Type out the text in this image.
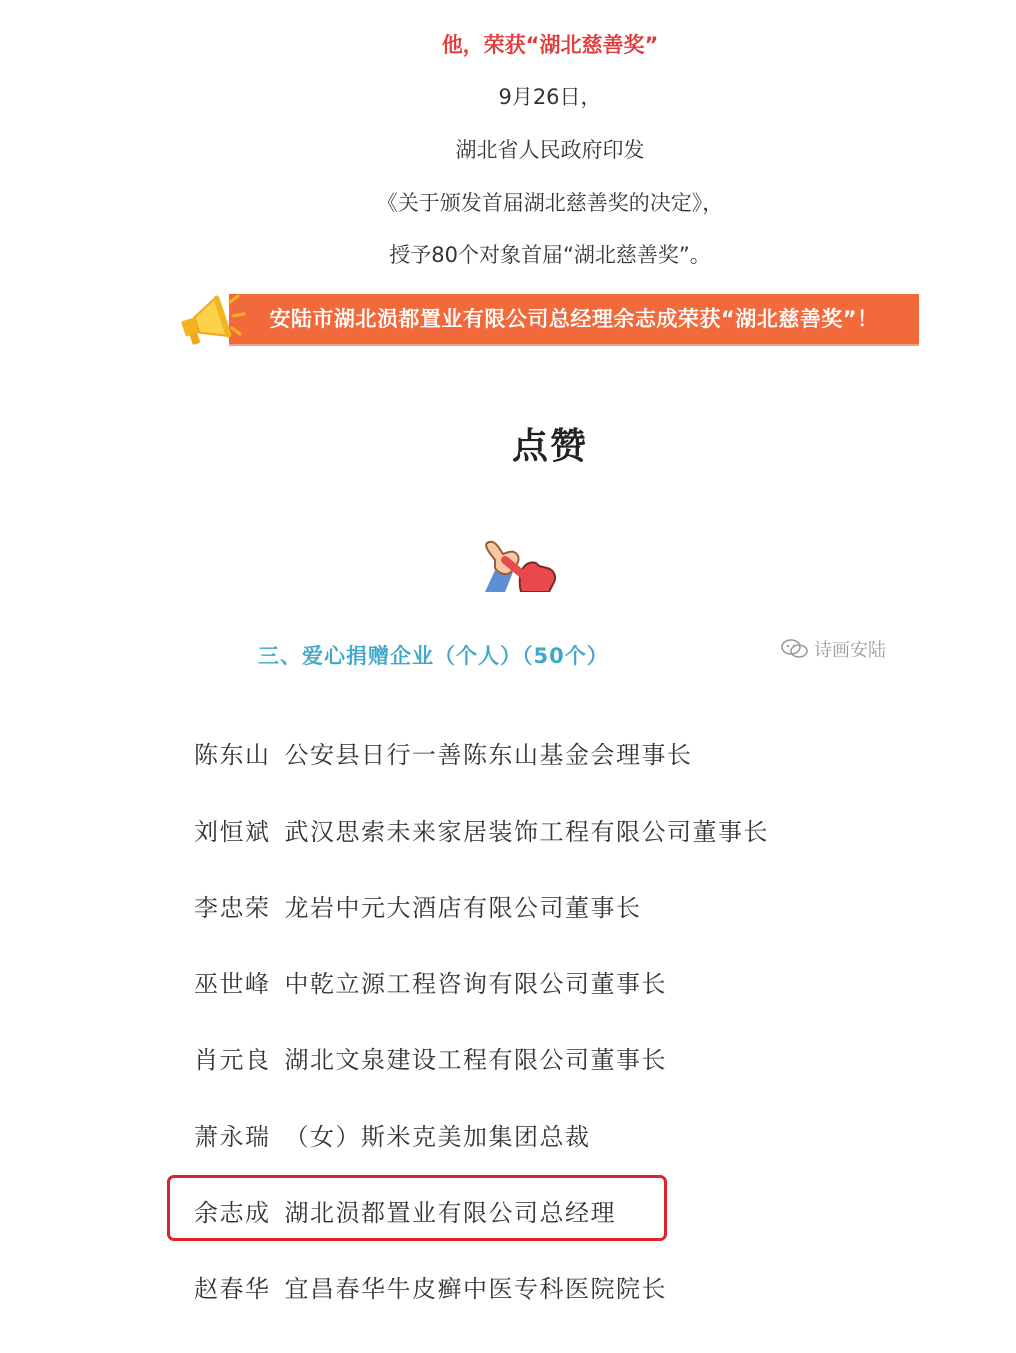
他，荣获“湖北慈善奖”
9月26日，
湖北省人民政府印发
《关于颁发首届湖北慈善奖的决定》，
授予80个对象首届“湖北慈善奖”。
安陆市湖北涢都置业有限公司总经理余志成荣获“湖北慈善奖”！
点赞
三、爱心捐赠企业（个人）（50个）	诗画安陆
陈东山 公安县日行一善陈东山基金会理事长
刘恒斌 武汉思索未来家居装饰工程有限公司董事长
李忠荣 龙岩中元大酒店有限公司董事长
巫世峰 中乾立源工程咨询有限公司董事长
肖元良 湖北文泉建设工程有限公司董事长
萧永瑞 （女）斯米克美加集团总裁
余志成 湖北涢都置业有限公司总经理
赵春华 宜昌春华牛皮癣中医专科医院院长
